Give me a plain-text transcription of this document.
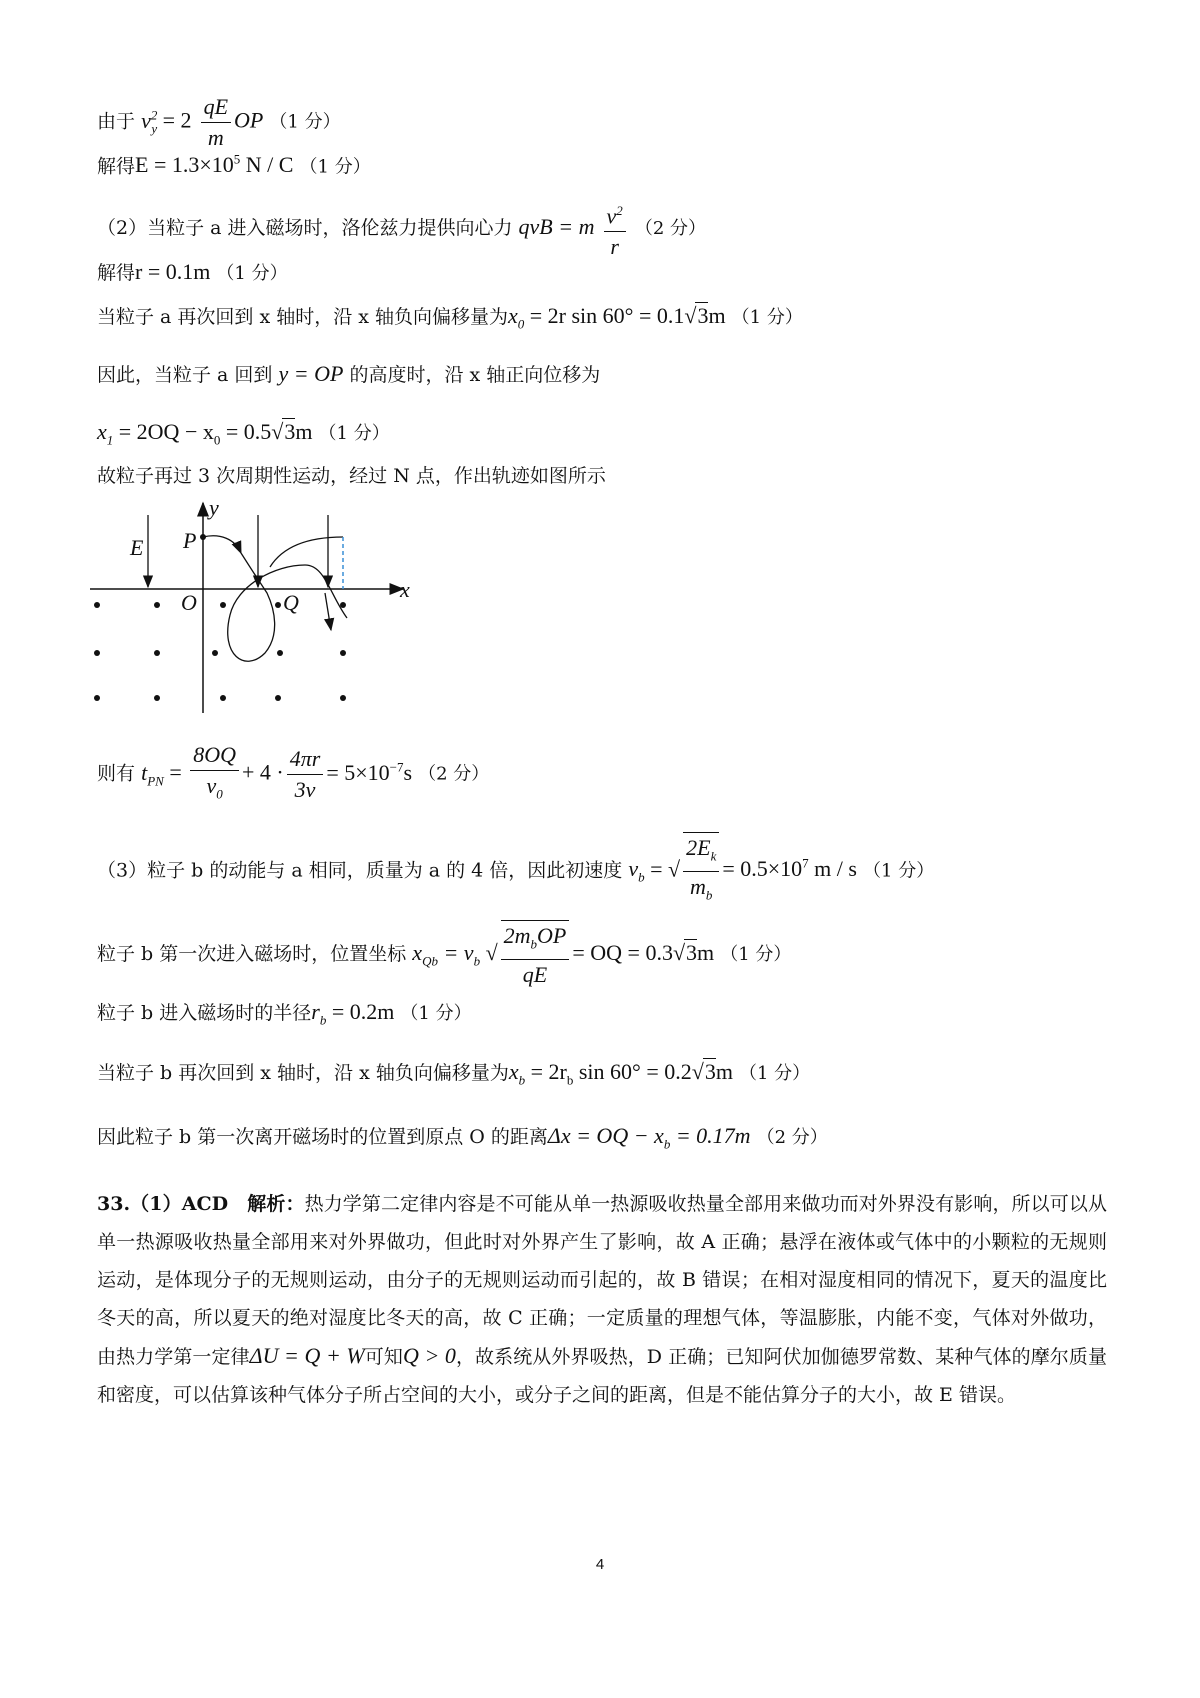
由于 $v^2_y = 2 \frac{qE}{m}$ OP （1 分）
解得$E = 1.3\times 10^5$ N / C （1 分）
（2）当粒子 a 进入磁场时，洛伦兹力提供向心力 qvB = m $\frac{v^2}{r} (2$ 分）
解得r = 0.1m （1 分）
当粒子 a 再次回到 x 轴时，沿 x 轴负向偏移量为$x_0 = 2r$ sin 60° = 0.1√3m （1 分）
因此，当粒子 a 回到 y = OP 的高度时，沿 x 轴正向位移为
$x_1 = 2OQ - x_0 = 0.5√3m$ （1 分）
故粒子再过 3 次周期性运动，经过 N 点，作出轨迹如图所示
y
x
E P
O	Q
则有 $t_{PN} = \frac{8OQ}{v_0} + 4 \cdot \frac{4\pi r}{3v} = 5\times 10^{-7}s$ （2 分）
（3）粒子 b 的动能与 a 相同，质量为 a 的 4 倍，因此初速度 $v_b$ = √ $\frac{2E_k}{m_b} = 0.5\times 10^7$ m / s （1 分）
粒子 b 第一次进入磁场时，位置坐标 $x_{Qb} = v_b$ √ $\frac{2m_bOP}{qE}$ = OQ = 0.3√3m （1 分）
粒子 b 进入磁场时的半径$r_b = 0.2m$ （1 分）
当粒子 b 再次回到 x 轴时，沿 x 轴负向偏移量为$x_b = 2r_b$ sin 60° = 0.2√3m （1 分）
因此粒子 b 第一次离开磁场时的位置到原点 O 的距离Δx = OQ − $x_b = 0.17m$ （2 分）
33.（1）ACD　解析：热力学第二定律内容是不可能从单一热源吸收热量全部用来做功而对外界没有影响，所以可以从单一热源吸收热量全部用来对外界做功，但此时对外界产生了影响，故 A 正确；悬浮在液体或气体中的小颗粒的无规则运动，是体现分子的无规则运动，由分子的无规则运动而引起的，故 B 错误；在相对湿度相同的情况下，夏天的温度比冬天的高，所以夏天的绝对湿度比冬天的高，故 C 正确；一定质量的理想气体，等温膨胀，内能不变，气体对外做功，由热力学第一定律ΔU = Q + W可知Q > 0，故系统从外界吸热，D 正确；已知阿伏加伽德罗常数、某种气体的摩尔质量和密度，可以估算该种气体分子所占空间的大小，或分子之间的距离，但是不能估算分子的大小，故 E 错误。
4
